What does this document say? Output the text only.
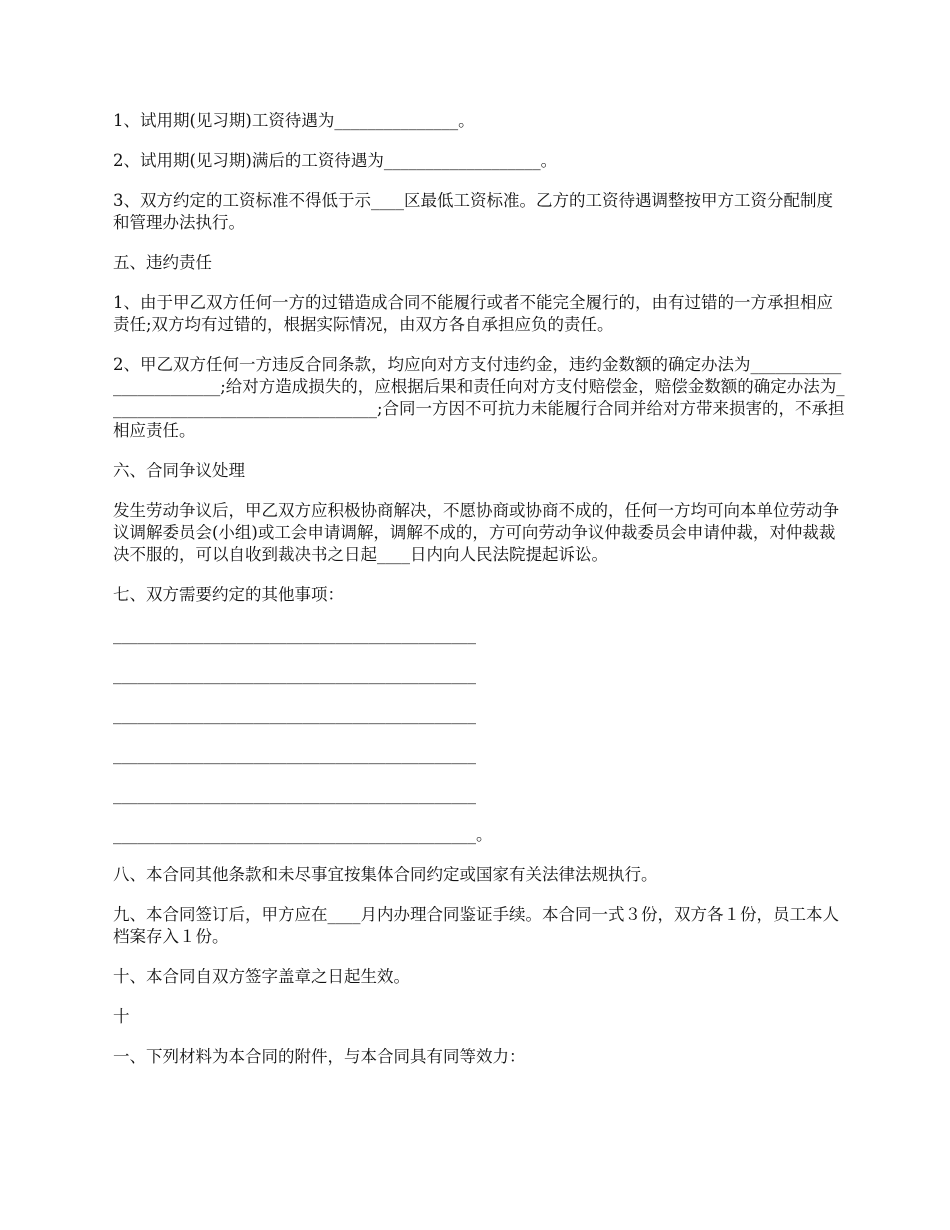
1、试用期(见习期)工资待遇为_______________。

2、试用期(见习期)满后的工资待遇为___________________。

3、双方约定的工资标准不得低于示____区最低工资标准。乙方的工资待遇调整按甲方工资分配制度和管理办法执行。

五、违约责任

1、由于甲乙双方任何一方的过错造成合同不能履行或者不能完全履行的，由有过错的一方承担相应责任;双方均有过错的，根据实际情况，由双方各自承担应负的责任。

2、甲乙双方任何一方违反合同条款，均应向对方支付违约金，违约金数额的确定办法为________________________;给对方造成损失的，应根据后果和责任向对方支付赔偿金，赔偿金数额的确定办法为_________________________________;合同一方因不可抗力未能履行合同并给对方带来损害的，不承担相应责任。

六、合同争议处理

发生劳动争议后，甲乙双方应积极协商解决，不愿协商或协商不成的，任何一方均可向本单位劳动争议调解委员会(小组)或工会申请调解，调解不成的，方可向劳动争议仲裁委员会申请仲裁，对仲裁裁决不服的，可以自收到裁决书之日起____日内向人民法院提起诉讼。

七、双方需要约定的其他事项：

____________________________________________
____________________________________________
____________________________________________
____________________________________________
____________________________________________
____________________________________________。

八、本合同其他条款和未尽事宜按集体合同约定或国家有关法律法规执行。

九、本合同签订后，甲方应在____月内办理合同鉴证手续。本合同一式３份，双方各１份，员工本人档案存入１份。

十、本合同自双方签字盖章之日起生效。

十

一、下列材料为本合同的附件，与本合同具有同等效力：
